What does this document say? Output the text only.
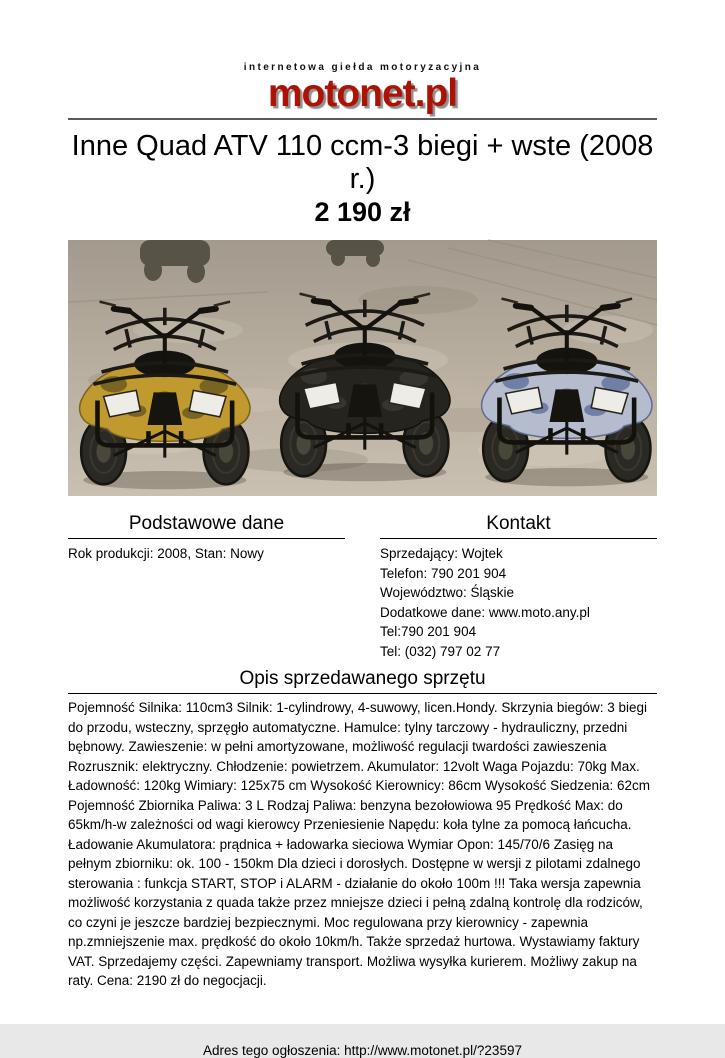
internetowa giełda motoryzacyjna
motonet.pl
Inne Quad ATV 110 ccm-3 biegi + wste (2008 r.)
2 190 zł
Podstawowe dane
Rok produkcji: 2008, Stan: Nowy
Kontakt
Sprzedający: Wojtek
Telefon: 790 201 904
Województwo: Śląskie
Dodatkowe dane: www.moto.any.pl
Tel:790 201 904
Tel: (032) 797 02 77
Opis sprzedawanego sprzętu
Pojemność Silnika: 110cm3 Silnik: 1-cylindrowy, 4-suwowy, licen.Hondy. Skrzynia biegów: 3 biegi do przodu, wsteczny, sprzęgło automatyczne. Hamulce: tylny tarczowy - hydrauliczny, przedni bębnowy. Zawieszenie: w pełni amortyzowane, możliwość regulacji twardości zawieszenia Rozrusznik: elektryczny. Chłodzenie: powietrzem. Akumulator: 12volt Waga Pojazdu: 70kg Max. Ładowność: 120kg Wimiary: 125x75 cm Wysokość Kierownicy: 86cm Wysokość Siedzenia: 62cm Pojemność Zbiornika Paliwa: 3 L Rodzaj Paliwa: benzyna bezołowiowa 95 Prędkość Max: do 65km/h-w zależności od wagi kierowcy Przeniesienie Napędu: koła tylne za pomocą łańcucha. Ładowanie Akumulatora: prądnica + ładowarka sieciowa Wymiar Opon: 145/70/6 Zasięg na pełnym zbiorniku: ok. 100 - 150km Dla dzieci i dorosłych. Dostępne w wersji z pilotami zdalnego sterowania : funkcja START, STOP i ALARM - działanie do około 100m !!! Taka wersja zapewnia możliwość korzystania z quada także przez mniejsze dzieci i pełną zdalną kontrolę dla rodziców, co czyni je jeszcze bardziej bezpiecznymi. Moc regulowana przy kierownicy - zapewnia np.zmniejszenie max. prędkość do około 10km/h. Także sprzedaż hurtowa. Wystawiamy faktury VAT. Sprzedajemy części. Zapewniamy transport. Możliwa wysyłka kurierem. Możliwy zakup na raty. Cena: 2190 zł do negocjacji.
Adres tego ogłoszenia: http://www.motonet.pl/?23597
